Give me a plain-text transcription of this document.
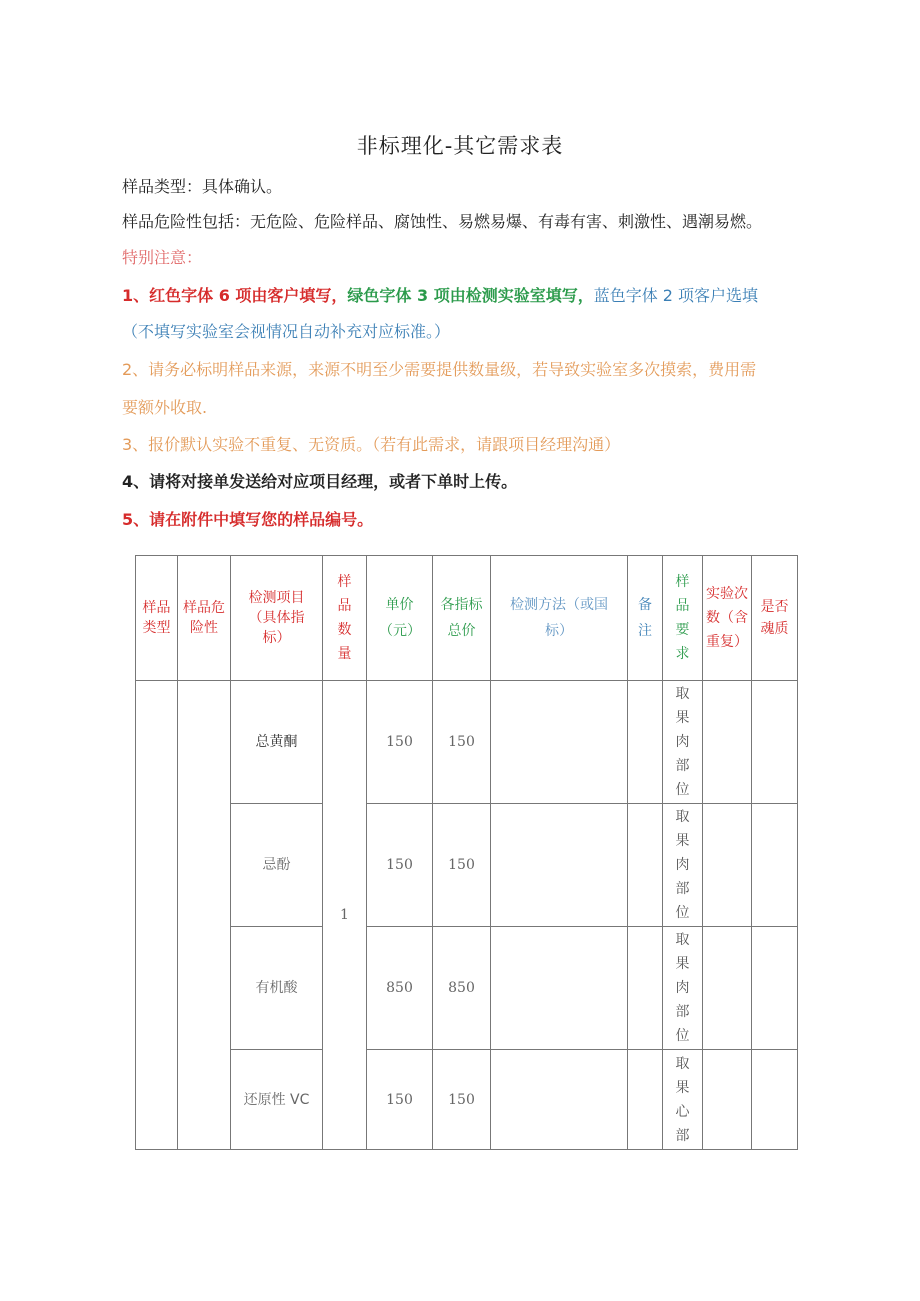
非标理化-其它需求表
样品类型：具体确认。
样品危险性包括：无危险、危险样品、腐蚀性、易燃易爆、有毒有害、刺激性、遇潮易燃。
特别注意：
1、红色字体 6 项由客户填写，绿色字体 3 项由检测实验室填写，蓝色字体 2 项客户选填
（不填写实验室会视情况自动补充对应标准。）
2、请务必标明样品来源，来源不明至少需要提供数量级，若导致实验室多次摸索，费用需
要额外收取.
3、报价默认实验不重复、无资质。（若有此需求，请跟项目经理沟通）
4、请将对接单发送给对应项目经理，或者下单时上传。
5、请在附件中填写您的样品编号。
样品类型	样品危险性	检测项目（具体指标）	样品数量	单价（元）	各指标总价	检测方法（或国标）	备注	样品要求	实验次数（含重复）	是否魂质

		总黄酮	1	150	150			取果肉部位		
		忌酚		150	150			取果肉部位		
		有机酸		850	850			取果肉部位		
		还原性 VC		150	150			取果心部		
